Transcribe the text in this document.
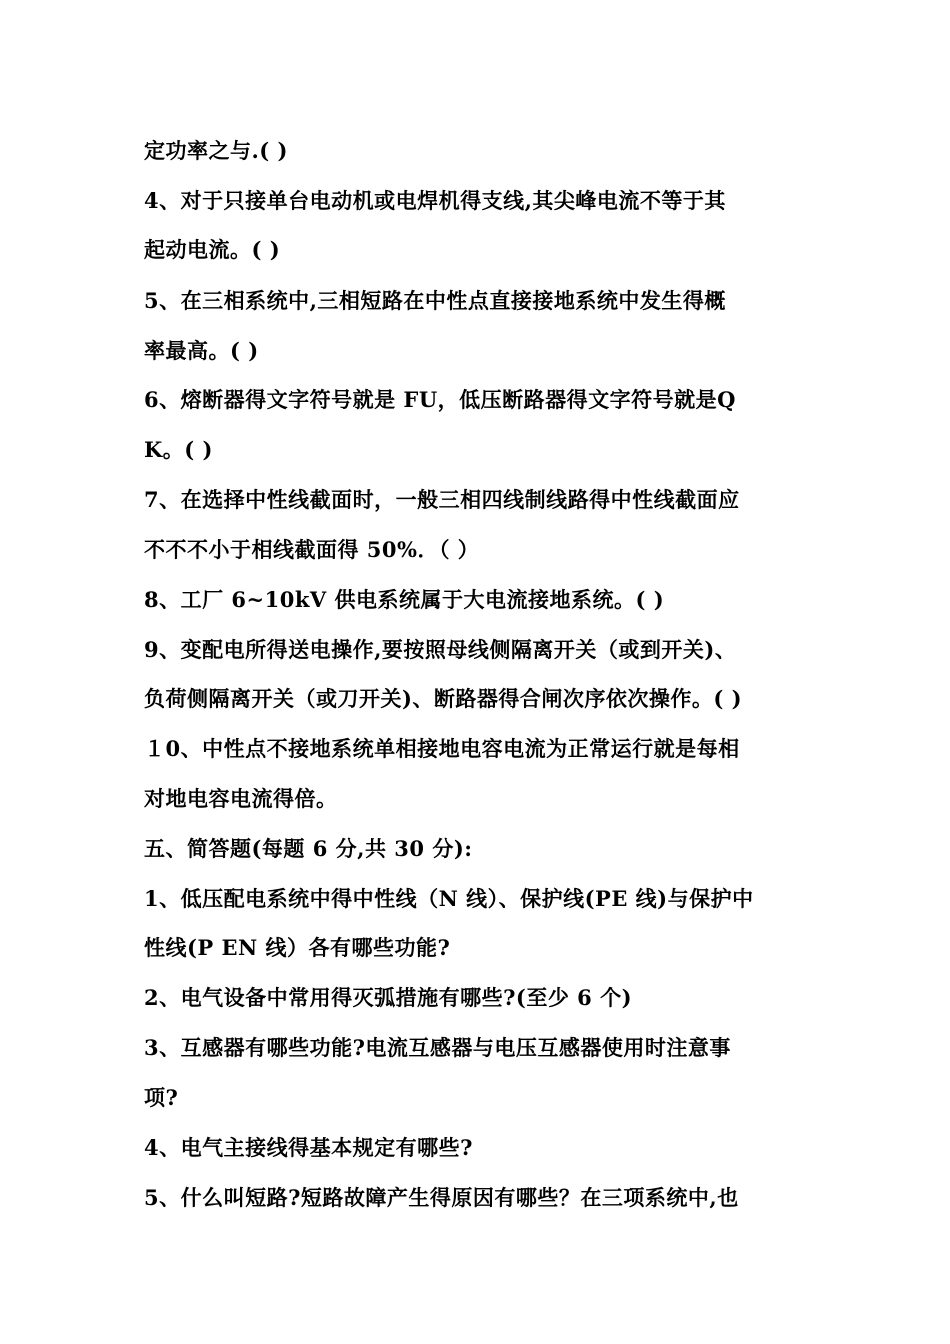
定功率之与.( )
4、对于只接单台电动机或电焊机得支线,其尖峰电流不等于其
起动电流。( )
5、在三相系统中,三相短路在中性点直接接地系统中发生得概
率最高。( )
6、熔断器得文字符号就是 FU，低压断路器得文字符号就是Q
K。( )
7、在选择中性线截面时，一般三相四线制线路得中性线截面应
不不不小于相线截面得 50%．（ ）
8、工厂 6~10kV 供电系统属于大电流接地系统。( )
9、变配电所得送电操作,要按照母线侧隔离开关（或到开关)、
负荷侧隔离开关（或刀开关)、断路器得合闸次序依次操作。( )
１0、中性点不接地系统单相接地电容电流为正常运行就是每相
对地电容电流得倍。
五、简答题(每题 6 分,共 30 分):
1、低压配电系统中得中性线（N 线）、保护线(PE 线)与保护中
性线(P EN 线）各有哪些功能?
2、电气设备中常用得灭弧措施有哪些?(至少 6 个)
3、互感器有哪些功能?电流互感器与电压互感器使用时注意事
项?
4、电气主接线得基本规定有哪些?
5、什么叫短路?短路故障产生得原因有哪些？在三项系统中,也
